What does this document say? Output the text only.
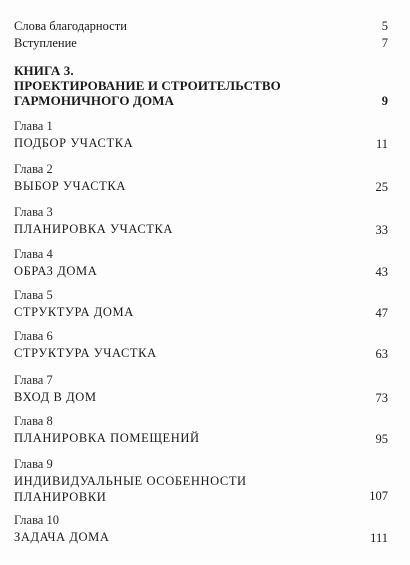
Слова благодарности	5
Вступление	7
КНИГА 3.
ПРОЕКТИРОВАНИЕ И СТРОИТЕЛЬСТВО
ГАРМОНИЧНОГО ДОМА	9
Глава 1
ПОДБОР УЧАСТКА	11
Глава 2
ВЫБОР УЧАСТКА	25
Глава 3
ПЛАНИРОВКА УЧАСТКА	33
Глава 4
ОБРАЗ ДОМА	43
Глава 5
СТРУКТУРА ДОМА	47
Глава 6
СТРУКТУРА УЧАСТКА	63
Глава 7
ВХОД В ДОМ	73
Глава 8
ПЛАНИРОВКА ПОМЕЩЕНИЙ	95
Глава 9
ИНДИВИДУАЛЬНЫЕ ОСОБЕННОСТИ
ПЛАНИРОВКИ	107
Глава 10
ЗАДАЧА ДОМА	111
